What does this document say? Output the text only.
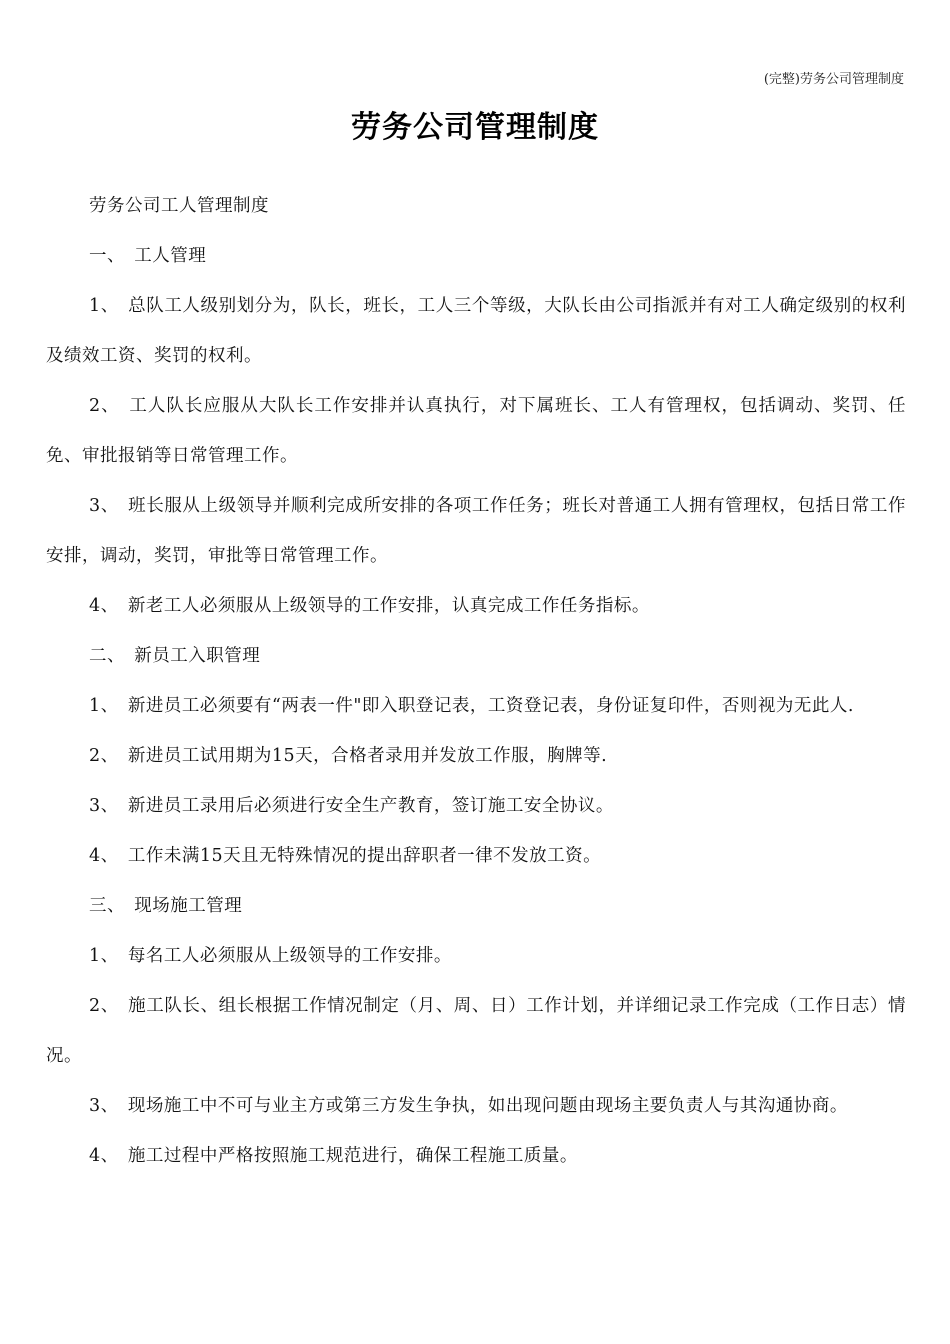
(完整)劳务公司管理制度
劳务公司管理制度

劳务公司工人管理制度

一、　工人管理

1、　总队工人级别划分为，队长，班长，工人三个等级，大队长由公司指派并有对工人确定级别的权利及绩效工资、奖罚的权利。

2、　工人队长应服从大队长工作安排并认真执行，对下属班长、工人有管理权，包括调动、奖罚、任免、审批报销等日常管理工作。

3、　班长服从上级领导并顺利完成所安排的各项工作任务；班长对普通工人拥有管理权，包括日常工作安排，调动，奖罚，审批等日常管理工作。

4、　新老工人必须服从上级领导的工作安排，认真完成工作任务指标。

二、　新员工入职管理

1、　新进员工必须要有“两表一件"即入职登记表，工资登记表，身份证复印件，否则视为无此人.

2、　新进员工试用期为15天，合格者录用并发放工作服，胸牌等.

3、　新进员工录用后必须进行安全生产教育，签订施工安全协议。

4、　工作未满15天且无特殊情况的提出辞职者一律不发放工资。

三、　现场施工管理

1、　每名工人必须服从上级领导的工作安排。

2、　施工队长、组长根据工作情况制定（月、周、日）工作计划，并详细记录工作完成（工作日志）情况。

3、　现场施工中不可与业主方或第三方发生争执，如出现问题由现场主要负责人与其沟通协商。

4、　施工过程中严格按照施工规范进行，确保工程施工质量。
